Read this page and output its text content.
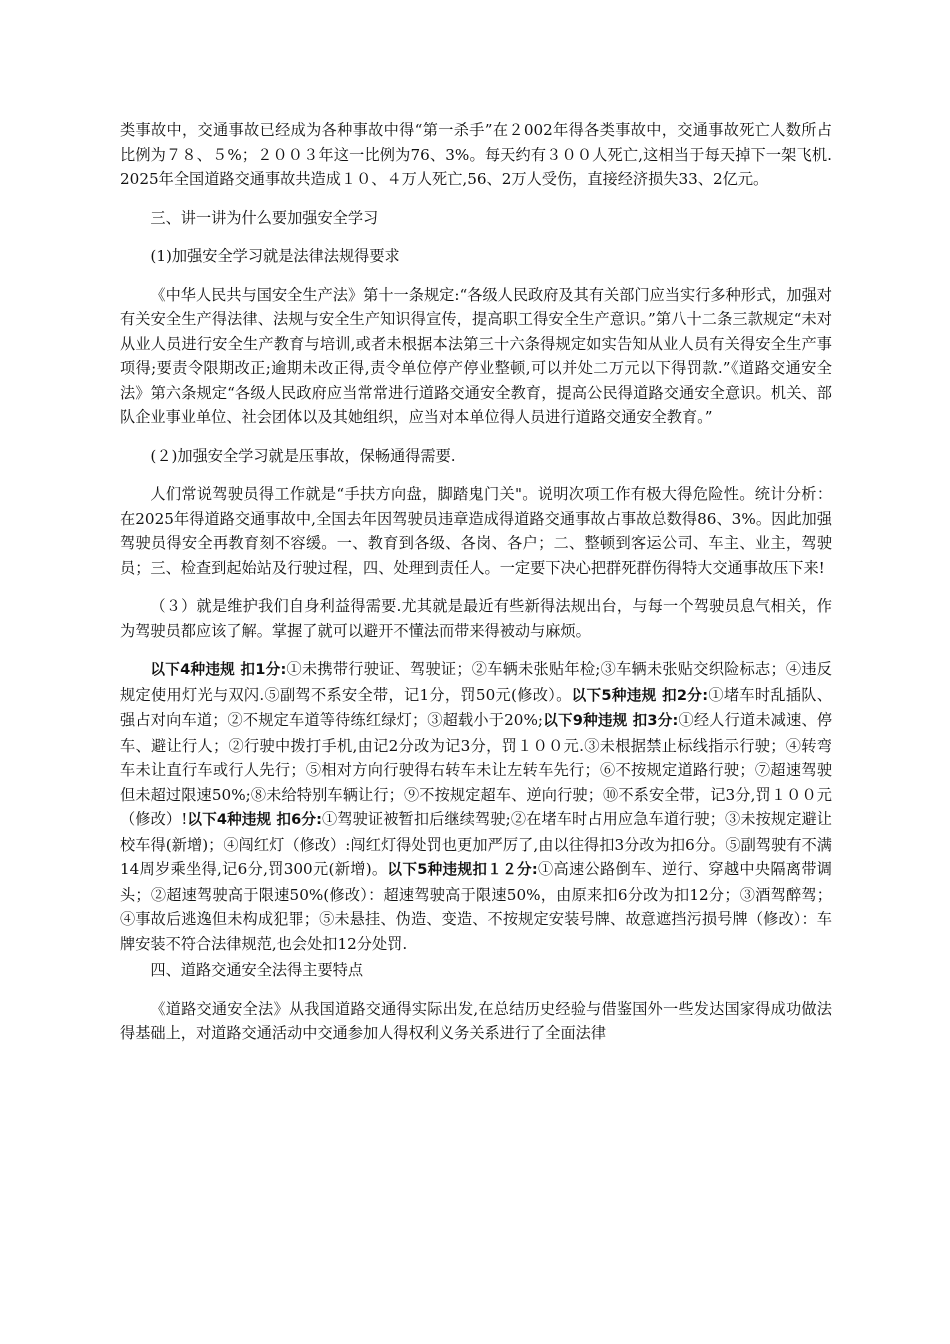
类事故中，交通事故已经成为各种事故中得“第一杀手”在２002年得各类事故中，交通事故死亡人数所占比例为７８、５%；２００３年这一比例为76、3%。每天约有３００人死亡,这相当于每天掉下一架飞机.2025年全国道路交通事故共造成１０、４万人死亡,56、2万人受伤，直接经济损失33、2亿元。

三、讲一讲为什么要加强安全学习

(1)加强安全学习就是法律法规得要求

《中华人民共与国安全生产法》第十一条规定:“各级人民政府及其有关部门应当实行多种形式，加强对有关安全生产得法律、法规与安全生产知识得宣传，提高职工得安全生产意识。”第八十二条三款规定“未对从业人员进行安全生产教育与培训,或者未根据本法第三十六条得规定如实告知从业人员有关得安全生产事项得;要责令限期改正;逾期未改正得,责令单位停产停业整顿,可以并处二万元以下得罚款.”《道路交通安全法》第六条规定“各级人民政府应当常常进行道路交通安全教育，提高公民得道路交通安全意识。机关、部队企业事业单位、社会团体以及其她组织，应当对本单位得人员进行道路交通安全教育。”

(２)加强安全学习就是压事故，保畅通得需要.

人们常说驾驶员得工作就是“手扶方向盘，脚踏鬼门关"。说明次项工作有极大得危险性。统计分析：在2025年得道路交通事故中,全国去年因驾驶员违章造成得道路交通事故占事故总数得86、3%。因此加强驾驶员得安全再教育刻不容缓。一、教育到各级、各岗、各户；二、整顿到客运公司、车主、业主，驾驶员；三、检查到起始站及行驶过程，四、处理到责任人。一定要下决心把群死群伤得特大交通事故压下来!

（３）就是维护我们自身利益得需要.尤其就是最近有些新得法规出台，与每一个驾驶员息气相关，作为驾驶员都应该了解。掌握了就可以避开不懂法而带来得被动与麻烦。

以下4种违规 扣1分:①未携带行驶证、驾驶证；②车辆未张贴年检;③车辆未张贴交织险标志；④违反规定使用灯光与双闪.⑤副驾不系安全带，记1分，罚50元(修改）。以下5种违规 扣2分:①堵车时乱插队、强占对向车道；②不规定车道等待练红绿灯；③超载小于20%;以下9种违规 扣3分:①经人行道未减速、停车、避让行人；②行驶中拨打手机,由记2分改为记3分，罚１００元.③未根据禁止标线指示行驶；④转弯车未让直行车或行人先行；⑤相对方向行驶得右转车未让左转车先行；⑥不按规定道路行驶；⑦超速驾驶但未超过限速50%;⑧未给特别车辆让行；⑨不按规定超车、逆向行驶；⑩不系安全带，记3分,罚１００元（修改）!以下4种违规 扣6分:①驾驶证被暂扣后继续驾驶;②在堵车时占用应急车道行驶；③未按规定避让校车得(新增)；④闯红灯（修改）:闯红灯得处罚也更加严厉了,由以往得扣3分改为扣6分。⑤副驾驶有不满14周岁乘坐得,记6分,罚300元(新增)。以下5种违规扣１２分:①高速公路倒车、逆行、穿越中央隔离带调头；②超速驾驶高于限速50%(修改）：超速驾驶高于限速50%，由原来扣6分改为扣12分；③酒驾醉驾；④事故后逃逸但未构成犯罪；⑤未悬挂、伪造、变造、不按规定安装号牌、故意遮挡污损号牌（修改）：车牌安装不符合法律规范,也会处扣12分处罚.

四、道路交通安全法得主要特点

《道路交通安全法》从我国道路交通得实际出发,在总结历史经验与借鉴国外一些发达国家得成功做法得基础上，对道路交通活动中交通参加人得权利义务关系进行了全面法律
